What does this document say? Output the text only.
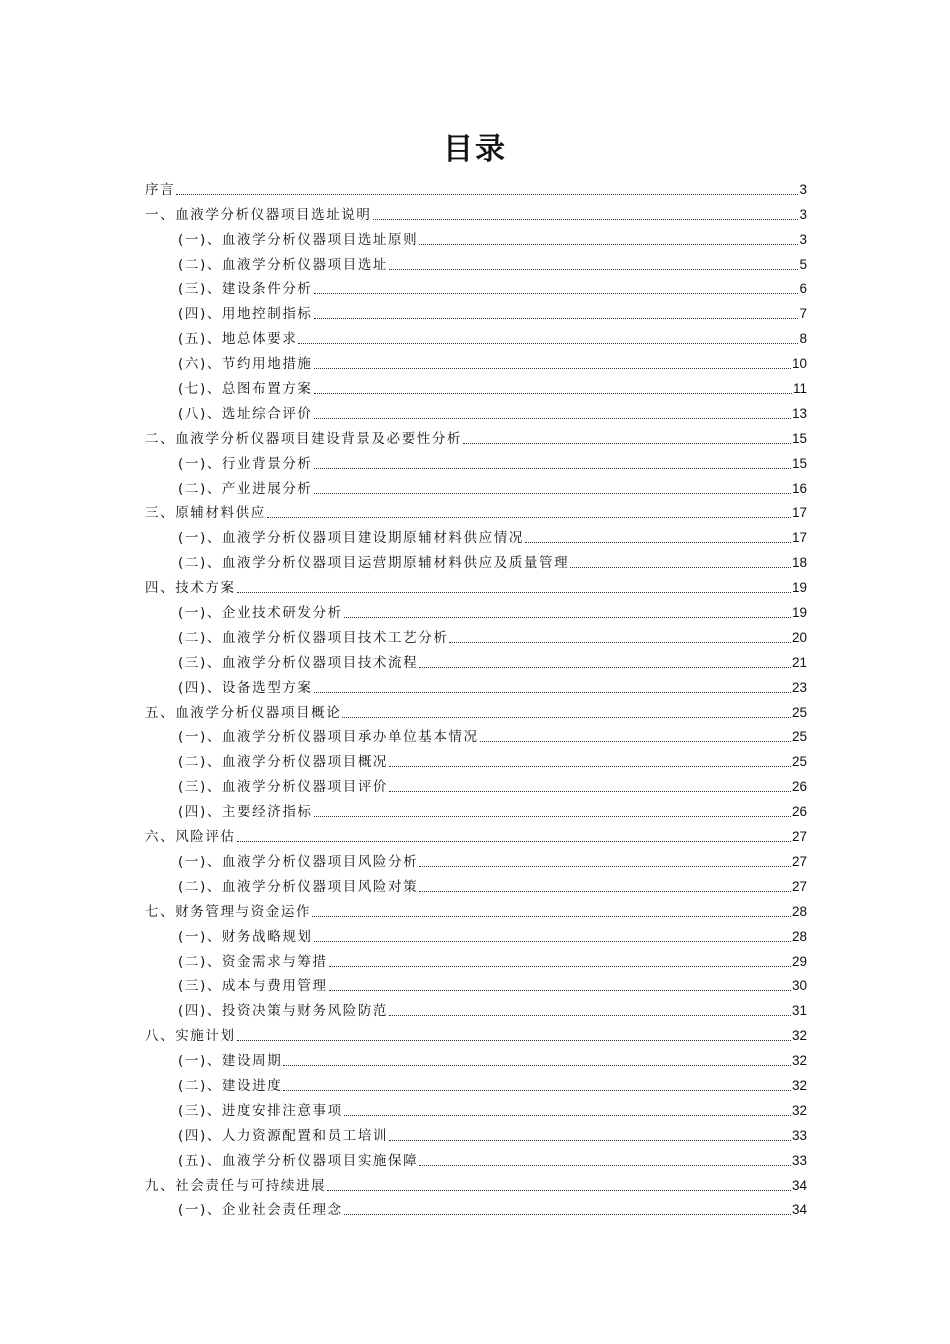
目录
序言	3
一、血液学分析仪器项目选址说明	3
(一)、血液学分析仪器项目选址原则	3
(二)、血液学分析仪器项目选址	5
(三)、建设条件分析	6
(四)、用地控制指标	7
(五)、地总体要求	8
(六)、节约用地措施	10
(七)、总图布置方案	11
(八)、选址综合评价	13
二、血液学分析仪器项目建设背景及必要性分析	15
(一)、行业背景分析	15
(二)、产业进展分析	16
三、原辅材料供应	17
(一)、血液学分析仪器项目建设期原辅材料供应情况	17
(二)、血液学分析仪器项目运营期原辅材料供应及质量管理	18
四、技术方案	19
(一)、企业技术研发分析	19
(二)、血液学分析仪器项目技术工艺分析	20
(三)、血液学分析仪器项目技术流程	21
(四)、设备选型方案	23
五、血液学分析仪器项目概论	25
(一)、血液学分析仪器项目承办单位基本情况	25
(二)、血液学分析仪器项目概况	25
(三)、血液学分析仪器项目评价	26
(四)、主要经济指标	26
六、风险评估	27
(一)、血液学分析仪器项目风险分析	27
(二)、血液学分析仪器项目风险对策	27
七、财务管理与资金运作	28
(一)、财务战略规划	28
(二)、资金需求与筹措	29
(三)、成本与费用管理	30
(四)、投资决策与财务风险防范	31
八、实施计划	32
(一)、建设周期	32
(二)、建设进度	32
(三)、进度安排注意事项	32
(四)、人力资源配置和员工培训	33
(五)、血液学分析仪器项目实施保障	33
九、社会责任与可持续进展	34
(一)、企业社会责任理念	34
